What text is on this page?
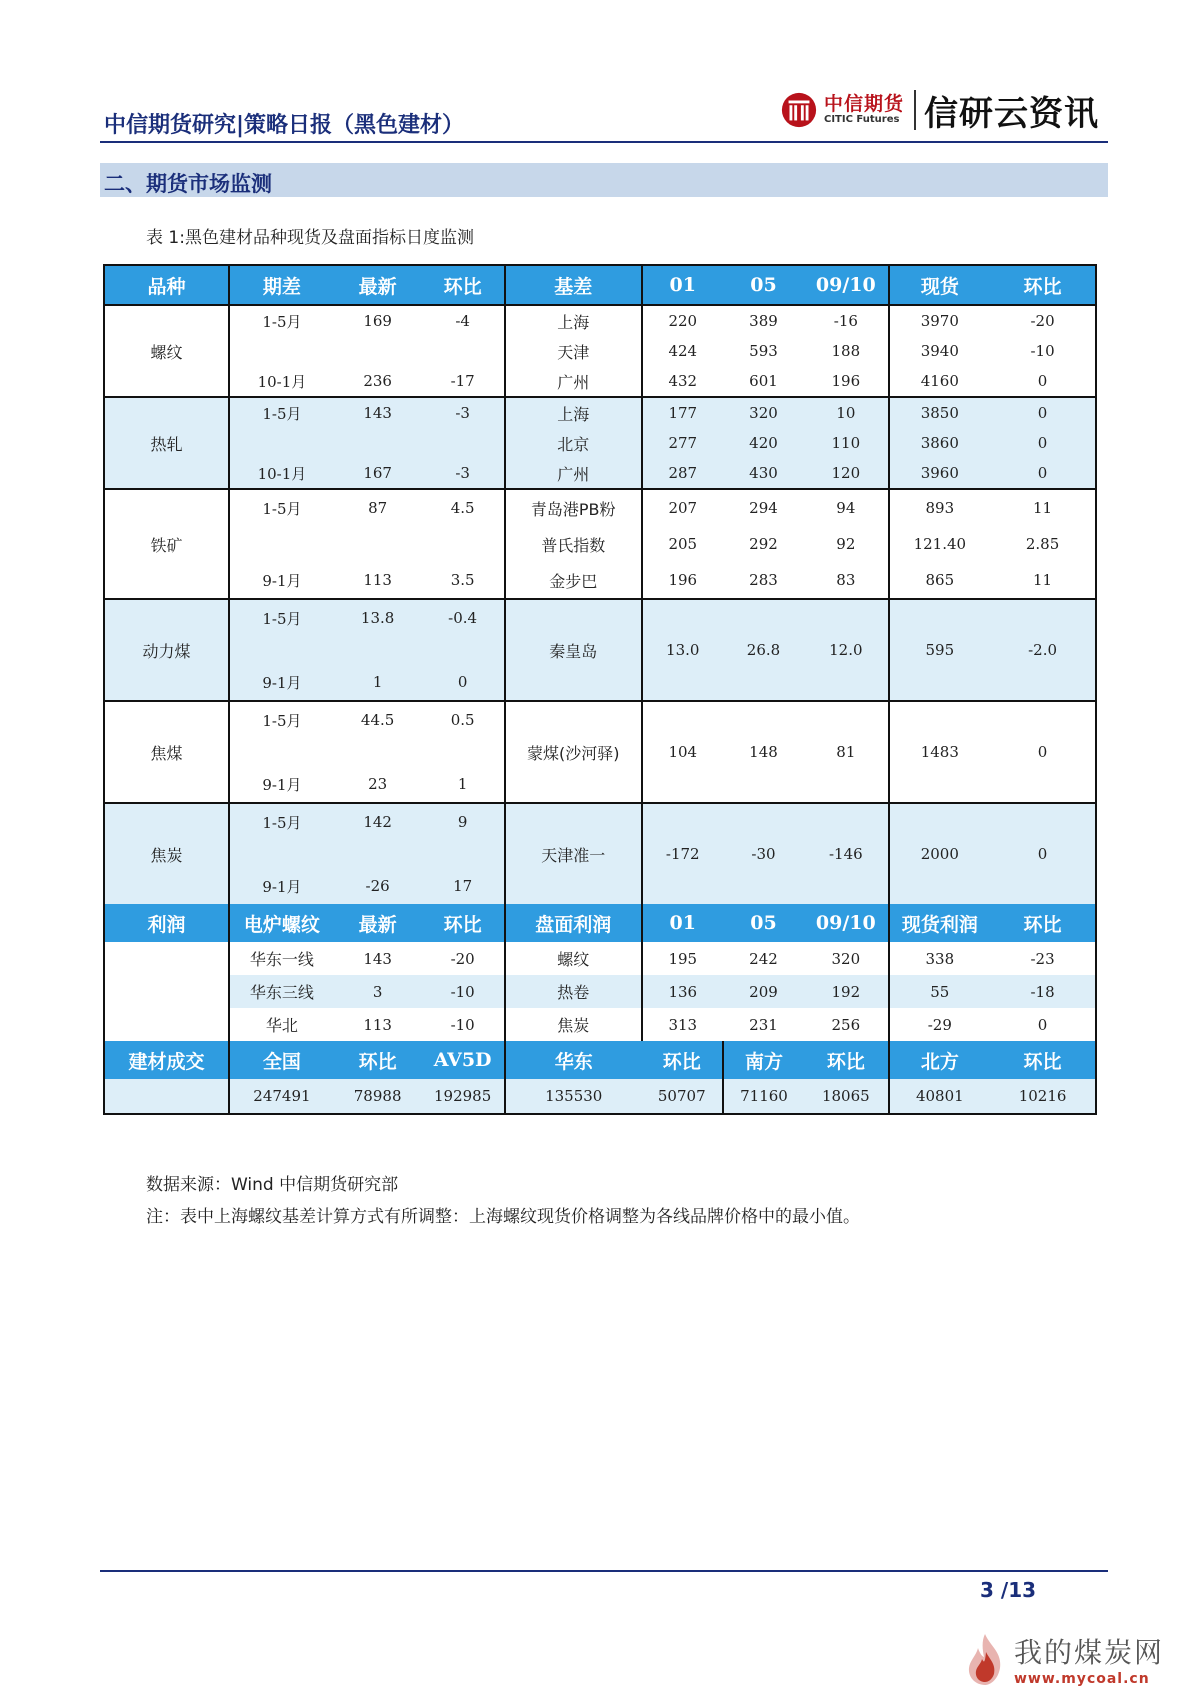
中信期货研究|策略日报（黑色建材）
中信期货
CITIC Futures 信研云资讯
二、期货市场监测
表 1:黑色建材品种现货及盘面指标日度监测
品种	期差	最新	环比	基差	01	05	09/10	现货	环比
螺纹	1-5月	169	-4	上海	220	389	-16	3970	-20
				天津	424	593	188	3940	-10
	10-1月	236	-17	广州	432	601	196	4160	0
热轧	1-5月	143	-3	上海	177	320	10	3850	0
				北京	277	420	110	3860	0
	10-1月	167	-3	广州	287	430	120	3960	0
铁矿	1-5月	87	4.5	青岛港PB粉	207	294	94	893	11
				普氏指数	205	292	92	121.40	2.85
	9-1月	113	3.5	金步巴	196	283	83	865	11
动力煤	1-5月	13.8	-0.4	秦皇岛	13.0	26.8	12.0	595	-2.0

	9-1月	1	0						
焦煤	1-5月	44.5	0.5	蒙煤(沙河驿)	104	148	81	1483	0

	9-1月	23	1						
焦炭	1-5月	142	9	天津准一	-172	-30	-146	2000	0

	9-1月	-26	17						
利润	电炉螺纹	最新	环比	盘面利润	01	05	09/10	现货利润	环比
	华东一线	143	-20	螺纹	195	242	320	338	-23
	华东三线	3	-10	热卷	136	209	192	55	-18
	华北	113	-10	焦炭	313	231	256	-29	0
建材成交	全国	环比	AV5D	华东	环比	南方	环比	北方	环比
	247491	78988	192985	135530	50707	71160	18065	40801	10216
数据来源：Wind 中信期货研究部
注：表中上海螺纹基差计算方式有所调整：上海螺纹现货价格调整为各线品牌价格中的最小值。
3 /13
我的煤炭网
www.mycoal.cn
